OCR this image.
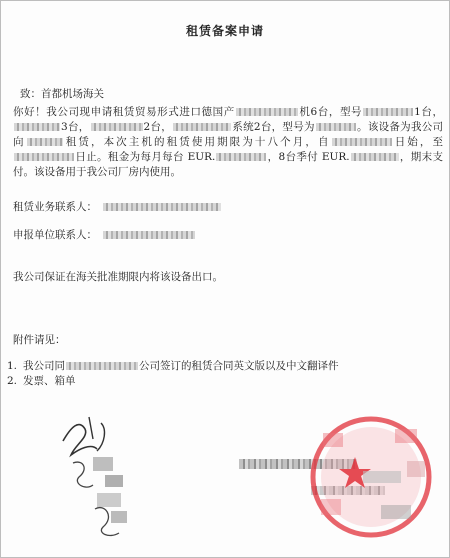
租赁备案申请
致：首都机场海关
你好！我公司现申请租赁贸易形式进口德国产	机6台，型号	1台，3台，	2台，	系统2台，型号为	。该设备为我公司向	租赁，本次主机的租赁使用期限为十八个月，自	日始，至日止。租金为每月每台 EUR.	，8台季付 EUR.	，期末支付。该设备用于我公司厂房内使用。
租赁业务联系人：
申报单位联系人：
我公司保证在海关批准期限内将该设备出口。
附件请见：
1. 我公司同	公司签订的租赁合同英文版以及中文翻译件
2. 发票、箱单
